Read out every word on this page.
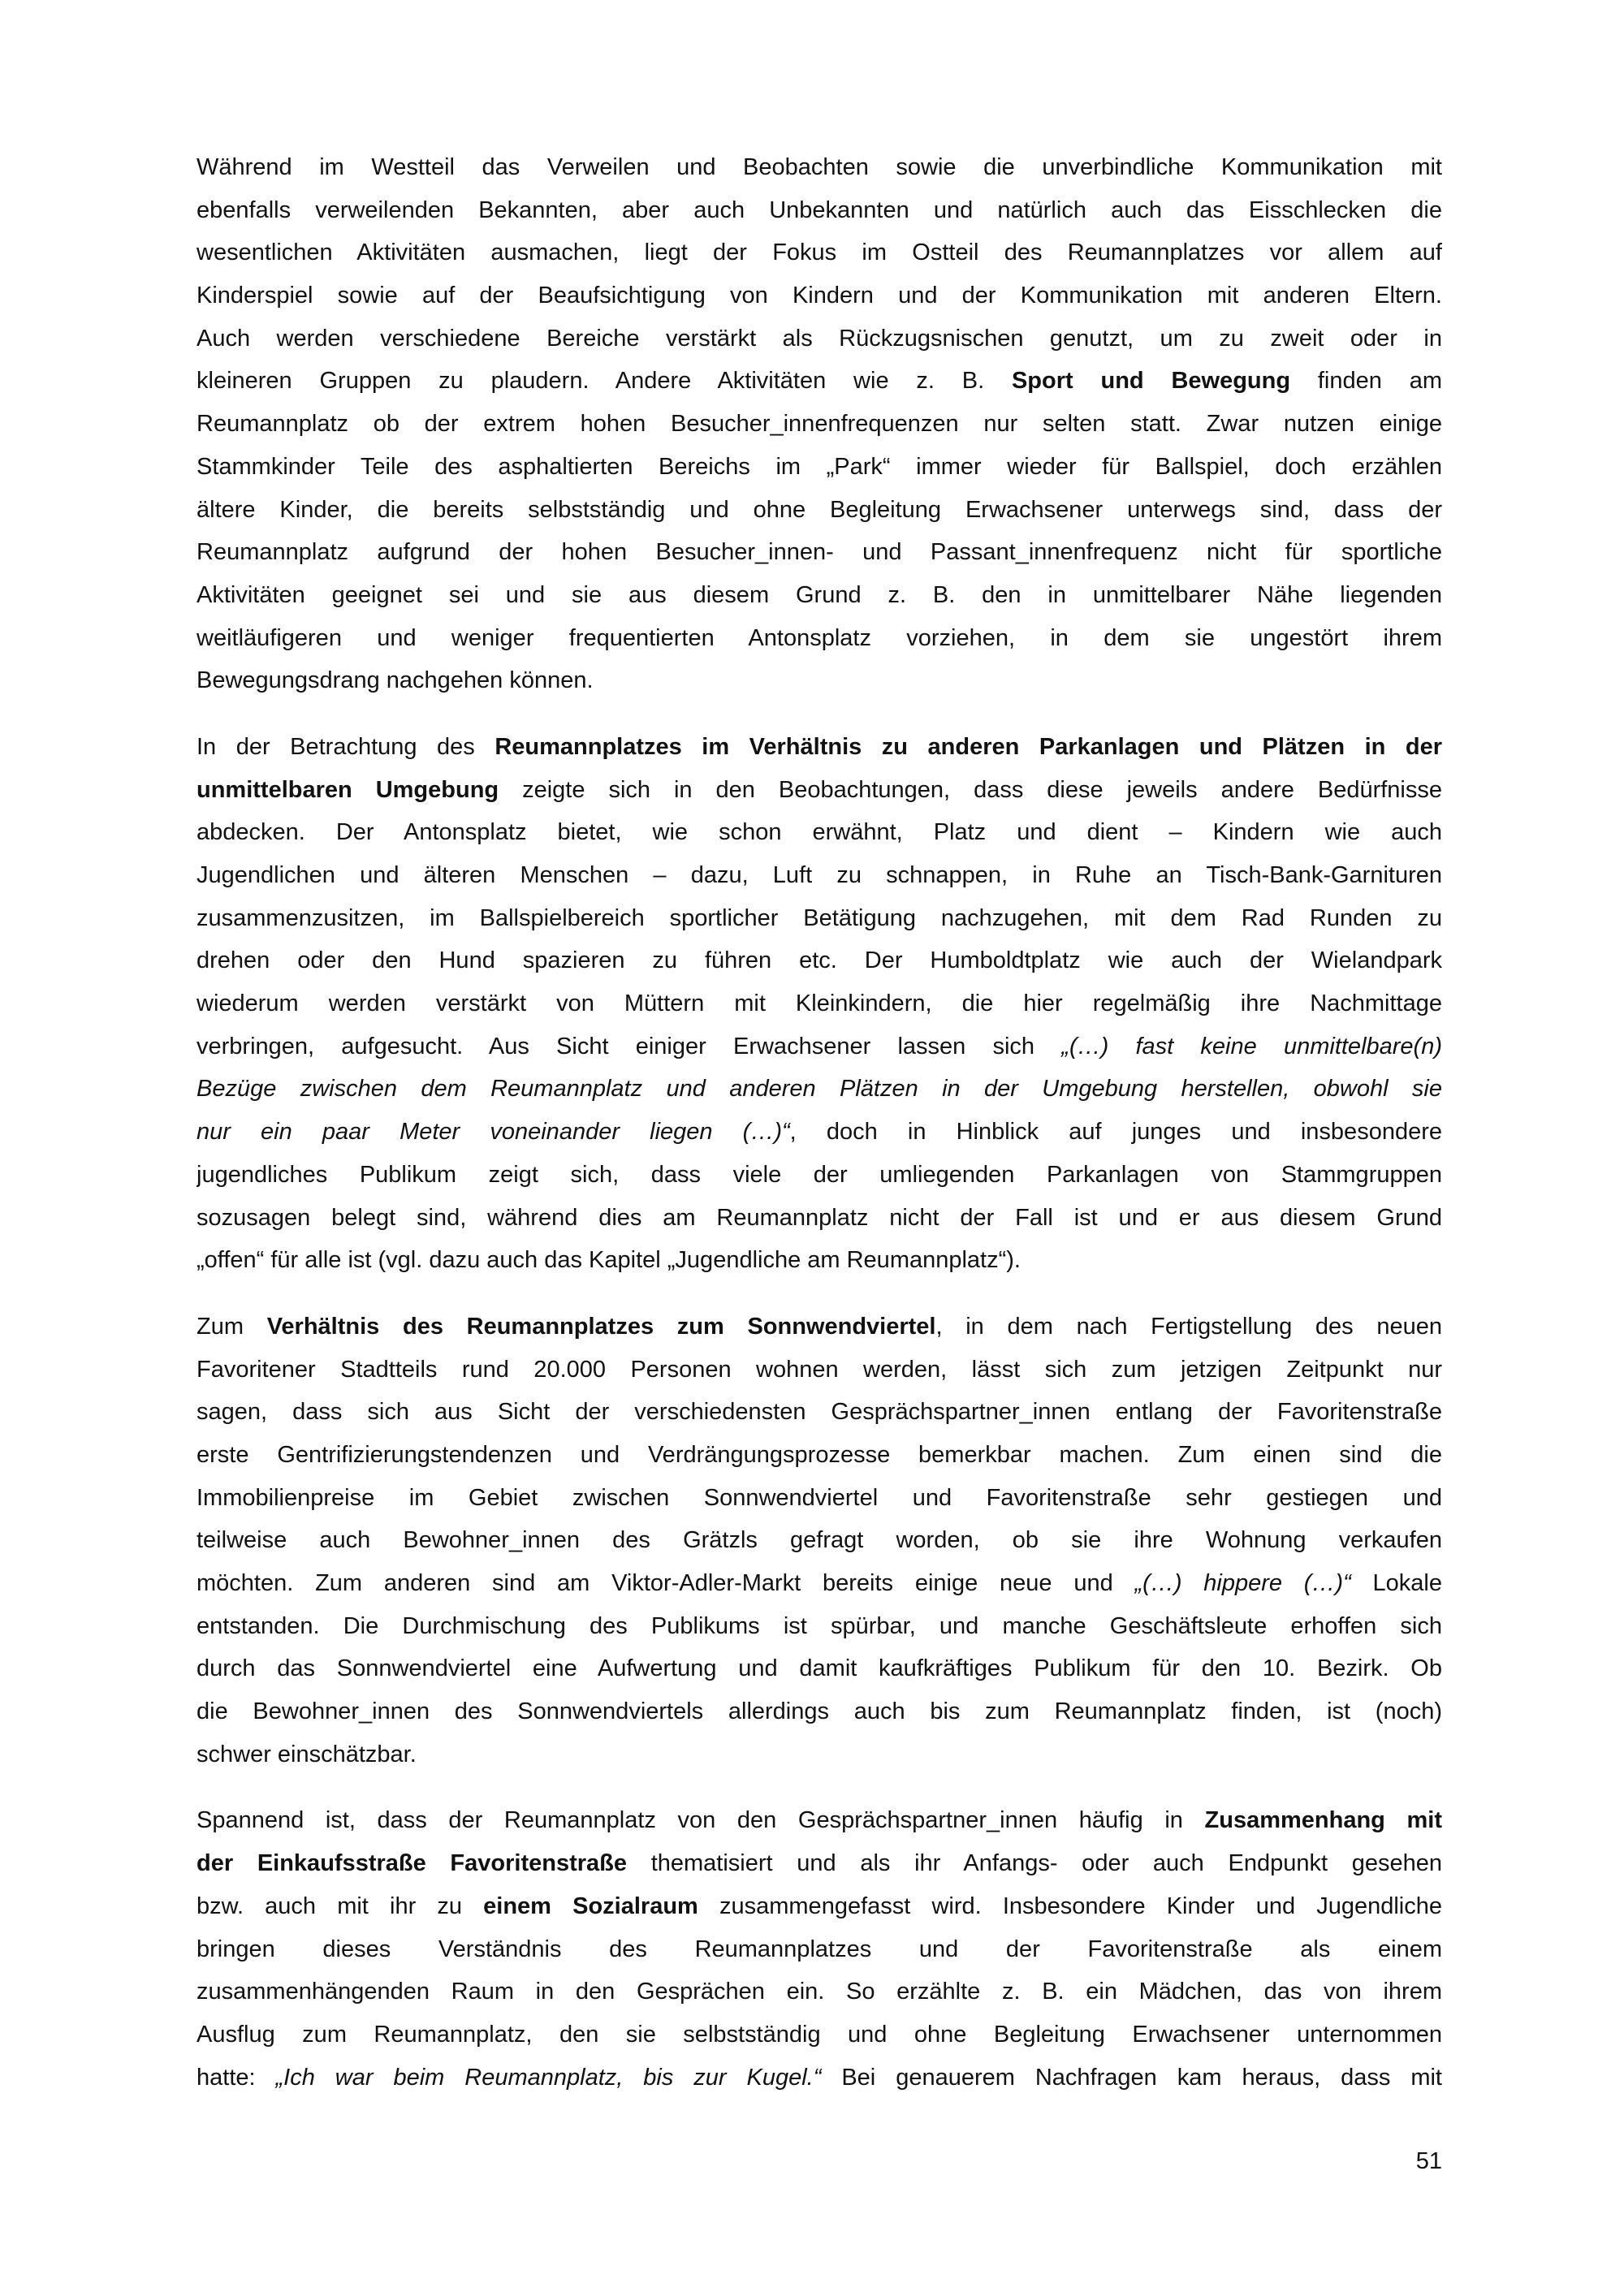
Während im Westteil das Verweilen und Beobachten sowie die unverbindliche Kommunikation mit
ebenfalls verweilenden Bekannten, aber auch Unbekannten und natürlich auch das Eisschlecken die
wesentlichen Aktivitäten ausmachen, liegt der Fokus im Ostteil des Reumannplatzes vor allem auf
Kinderspiel sowie auf der Beaufsichtigung von Kindern und der Kommunikation mit anderen Eltern.
Auch werden verschiedene Bereiche verstärkt als Rückzugsnischen genutzt, um zu zweit oder in
kleineren Gruppen zu plaudern. Andere Aktivitäten wie z. B. Sport und Bewegung finden am
Reumannplatz ob der extrem hohen Besucher_innenfrequenzen nur selten statt. Zwar nutzen einige
Stammkinder Teile des asphaltierten Bereichs im „Park“ immer wieder für Ballspiel, doch erzählen
ältere Kinder, die bereits selbstständig und ohne Begleitung Erwachsener unterwegs sind, dass der
Reumannplatz aufgrund der hohen Besucher_innen- und Passant_innenfrequenz nicht für sportliche
Aktivitäten geeignet sei und sie aus diesem Grund z. B. den in unmittelbarer Nähe liegenden
weitläufigeren und weniger frequentierten Antonsplatz vorziehen, in dem sie ungestört ihrem
Bewegungsdrang nachgehen können.
In der Betrachtung des Reumannplatzes im Verhältnis zu anderen Parkanlagen und Plätzen in der
unmittelbaren Umgebung zeigte sich in den Beobachtungen, dass diese jeweils andere Bedürfnisse
abdecken. Der Antonsplatz bietet, wie schon erwähnt, Platz und dient – Kindern wie auch
Jugendlichen und älteren Menschen – dazu, Luft zu schnappen, in Ruhe an Tisch-Bank-Garnituren
zusammenzusitzen, im Ballspielbereich sportlicher Betätigung nachzugehen, mit dem Rad Runden zu
drehen oder den Hund spazieren zu führen etc. Der Humboldtplatz wie auch der Wielandpark
wiederum werden verstärkt von Müttern mit Kleinkindern, die hier regelmäßig ihre Nachmittage
verbringen, aufgesucht. Aus Sicht einiger Erwachsener lassen sich „(…) fast keine unmittelbare(n)
Bezüge zwischen dem Reumannplatz und anderen Plätzen in der Umgebung herstellen, obwohl sie
nur ein paar Meter voneinander liegen (…)“, doch in Hinblick auf junges und insbesondere
jugendliches Publikum zeigt sich, dass viele der umliegenden Parkanlagen von Stammgruppen
sozusagen belegt sind, während dies am Reumannplatz nicht der Fall ist und er aus diesem Grund
„offen“ für alle ist (vgl. dazu auch das Kapitel „Jugendliche am Reumannplatz“).
Zum Verhältnis des Reumannplatzes zum Sonnwendviertel, in dem nach Fertigstellung des neuen
Favoritener Stadtteils rund 20.000 Personen wohnen werden, lässt sich zum jetzigen Zeitpunkt nur
sagen, dass sich aus Sicht der verschiedensten Gesprächspartner_innen entlang der Favoritenstraße
erste Gentrifizierungstendenzen und Verdrängungsprozesse bemerkbar machen. Zum einen sind die
Immobilienpreise im Gebiet zwischen Sonnwendviertel und Favoritenstraße sehr gestiegen und
teilweise auch Bewohner_innen des Grätzls gefragt worden, ob sie ihre Wohnung verkaufen
möchten. Zum anderen sind am Viktor-Adler-Markt bereits einige neue und „(…) hippere (…)“ Lokale
entstanden. Die Durchmischung des Publikums ist spürbar, und manche Geschäftsleute erhoffen sich
durch das Sonnwendviertel eine Aufwertung und damit kaufkräftiges Publikum für den 10. Bezirk. Ob
die Bewohner_innen des Sonnwendviertels allerdings auch bis zum Reumannplatz finden, ist (noch)
schwer einschätzbar.
Spannend ist, dass der Reumannplatz von den Gesprächspartner_innen häufig in Zusammenhang mit
der Einkaufsstraße Favoritenstraße thematisiert und als ihr Anfangs- oder auch Endpunkt gesehen
bzw. auch mit ihr zu einem Sozialraum zusammengefasst wird. Insbesondere Kinder und Jugendliche
bringen dieses Verständnis des Reumannplatzes und der Favoritenstraße als einem
zusammenhängenden Raum in den Gesprächen ein. So erzählte z. B. ein Mädchen, das von ihrem
Ausflug zum Reumannplatz, den sie selbstständig und ohne Begleitung Erwachsener unternommen
hatte: „Ich war beim Reumannplatz, bis zur Kugel.“ Bei genauerem Nachfragen kam heraus, dass mit
51
